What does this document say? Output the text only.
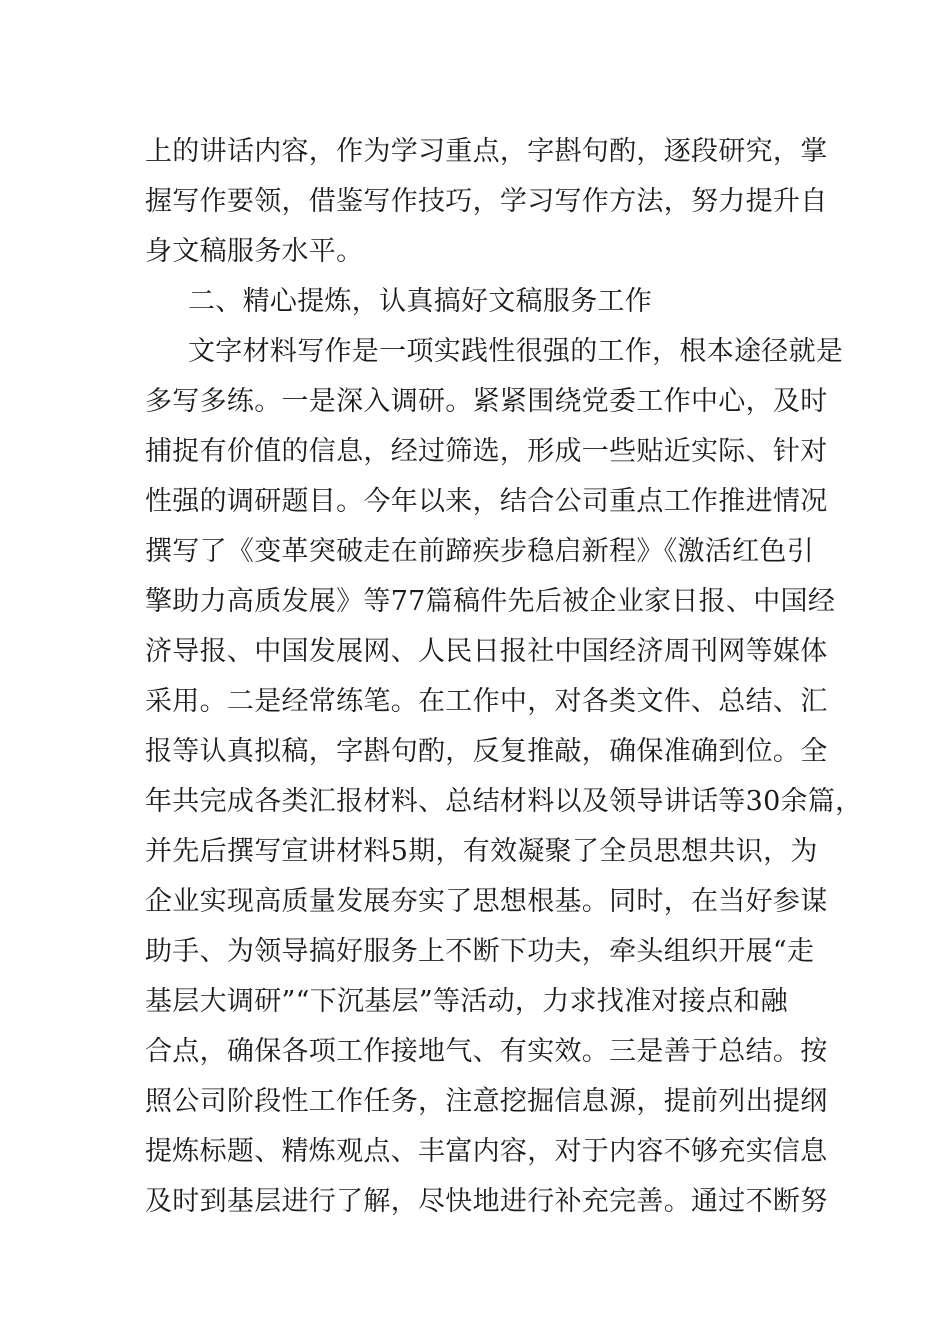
上的讲话内容，作为学习重点，字斟句酌，逐段研究，掌
握写作要领，借鉴写作技巧，学习写作方法，努力提升自
身文稿服务水平。
二、精心提炼，认真搞好文稿服务工作
文字材料写作是一项实践性很强的工作，根本途径就是
多写多练。一是深入调研。紧紧围绕党委工作中心，及时
捕捉有价值的信息，经过筛选，形成一些贴近实际、针对
性强的调研题目。今年以来，结合公司重点工作推进情况
撰写了《变革突破走在前蹄疾步稳启新程》《激活红色引
擎助力高质发展》等77篇稿件先后被企业家日报、中国经
济导报、中国发展网、人民日报社中国经济周刊网等媒体
采用。二是经常练笔。在工作中，对各类文件、总结、汇
报等认真拟稿，字斟句酌，反复推敲，确保准确到位。全
年共完成各类汇报材料、总结材料以及领导讲话等30余篇，
并先后撰写宣讲材料5期，有效凝聚了全员思想共识，为
企业实现高质量发展夯实了思想根基。同时，在当好参谋
助手、为领导搞好服务上不断下功夫，牵头组织开展“走
基层大调研”“下沉基层”等活动，力求找准对接点和融
合点，确保各项工作接地气、有实效。三是善于总结。按
照公司阶段性工作任务，注意挖掘信息源，提前列出提纲
提炼标题、精炼观点、丰富内容，对于内容不够充实信息
及时到基层进行了解，尽快地进行补充完善。通过不断努
